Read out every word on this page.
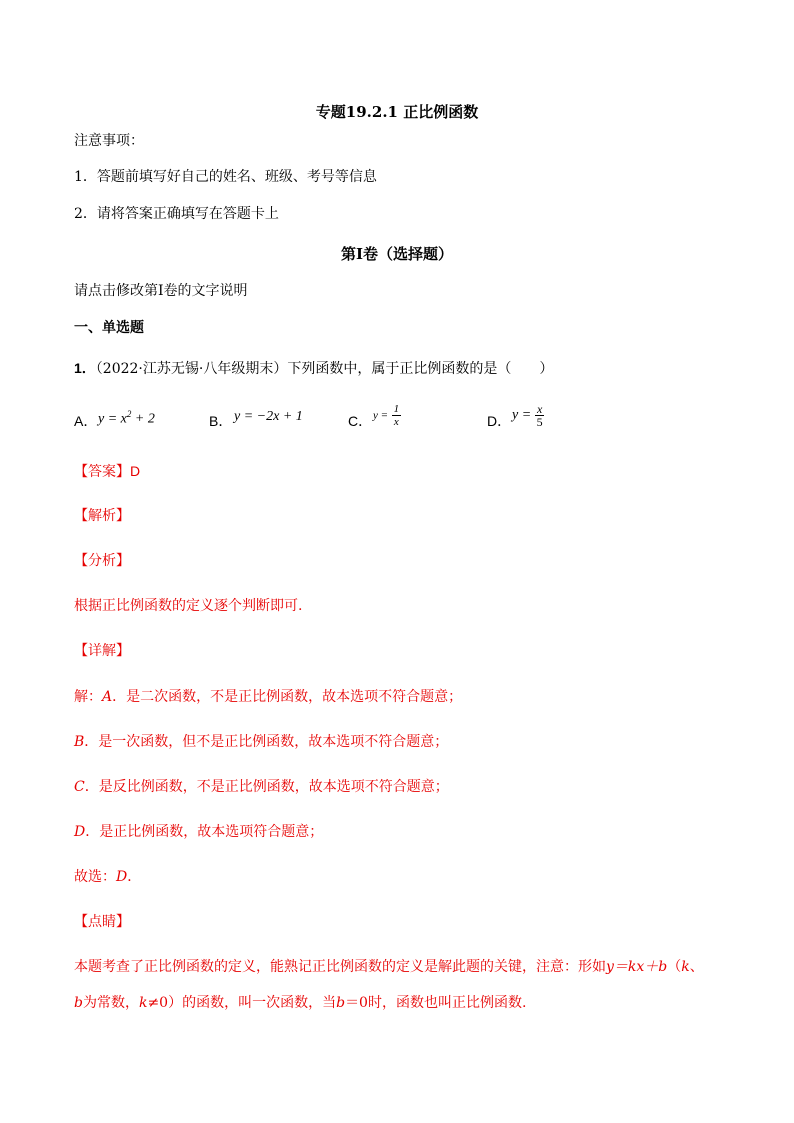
专题19.2.1 正比例函数
注意事项：
1．答题前填写好自己的姓名、班级、考号等信息
2．请将答案正确填写在答题卡上
第I卷（选择题）
请点击修改第I卷的文字说明
一、单选题
1．（2022·江苏无锡·八年级期末）下列函数中，属于正比例函数的是（　　）
A． $y = x^2 + 2$	B． y = −2x + 1	C． $y = \frac{1}{x}$	D． $y = \frac{x}{5}$
【答案】D
【解析】
【分析】
根据正比例函数的定义逐个判断即可.
【详解】
解：A．是二次函数，不是正比例函数，故本选项不符合题意；
B．是一次函数，但不是正比例函数，故本选项不符合题意；
C．是反比例函数，不是正比例函数，故本选项不符合题意；
D．是正比例函数，故本选项符合题意；
故选：D．
【点睛】
本题考查了正比例函数的定义，能熟记正比例函数的定义是解此题的关键，注意：形如y＝kx＋b（k、
b为常数，k≠0）的函数，叫一次函数，当b＝0时，函数也叫正比例函数.
